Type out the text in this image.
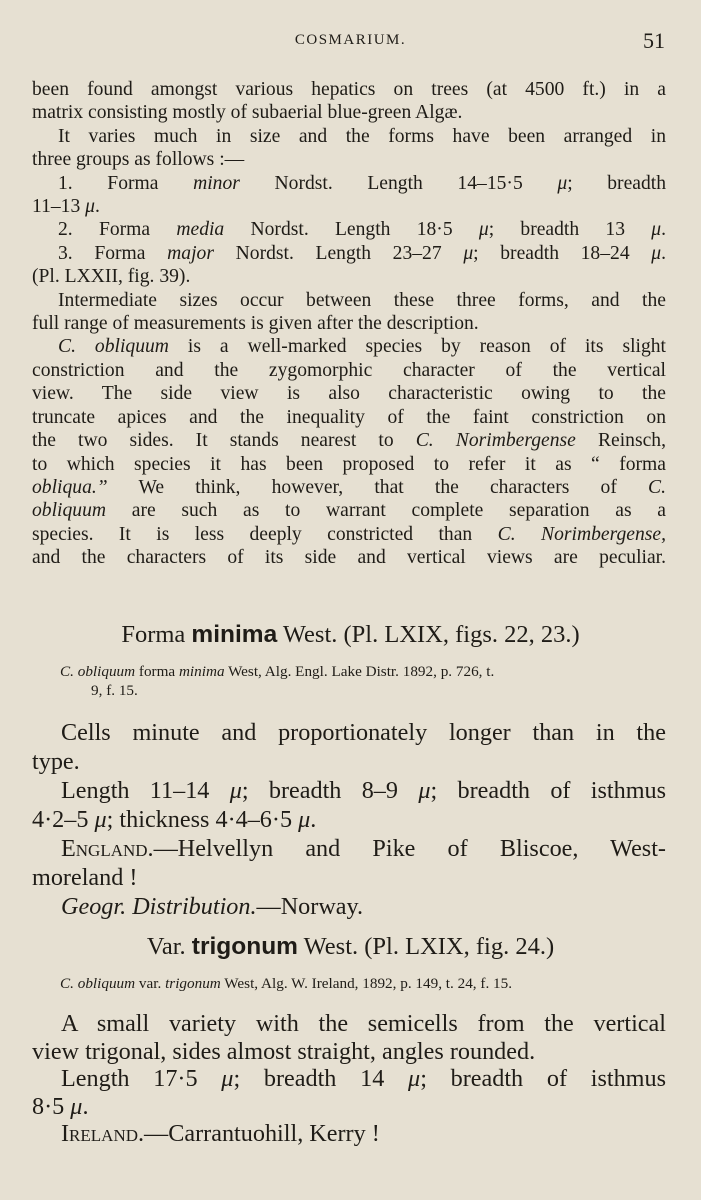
COSMARIUM.	51
been found amongst various hepatics on trees (at 4500 ft.) in a
matrix consisting mostly of subaerial blue-green Algæ.
It varies much in size and the forms have been arranged in
three groups as follows :—
1. Forma minor Nordst. Length 14–15·5 μ; breadth
11–13 μ.
2. Forma media Nordst. Length 18·5 μ; breadth 13 μ.
3. Forma major Nordst. Length 23–27 μ; breadth 18–24 μ.
(Pl. LXXII, fig. 39).
Intermediate sizes occur between these three forms, and the
full range of measurements is given after the description.
C. obliquum is a well-marked species by reason of its slight
constriction and the zygomorphic character of the vertical
view. The side view is also characteristic owing to the
truncate apices and the inequality of the faint constriction on
the two sides. It stands nearest to C. Norimbergense Reinsch,
to which species it has been proposed to refer it as “ forma
obliqua.” We think, however, that the characters of C.
obliquum are such as to warrant complete separation as a
species. It is less deeply constricted than C. Norimbergense,
and the characters of its side and vertical views are peculiar.
Forma minima West. (Pl. LXIX, figs. 22, 23.)
C. obliquum forma minima West, Alg. Engl. Lake Distr. 1892, p. 726, t.
9, f. 15.
Cells minute and proportionately longer than in the
type.
Length 11–14 μ; breadth 8–9 μ; breadth of isthmus
4·2–5 μ; thickness 4·4–6·5 μ.
England.—Helvellyn and Pike of Bliscoe, West-
moreland !
Geogr. Distribution.—Norway.
Var. trigonum West. (Pl. LXIX, fig. 24.)
C. obliquum var. trigonum West, Alg. W. Ireland, 1892, p. 149, t. 24, f. 15.
A small variety with the semicells from the vertical
view trigonal, sides almost straight, angles rounded.
Length 17·5 μ; breadth 14 μ; breadth of isthmus
8·5 μ.
Ireland.—Carrantuohill, Kerry !
